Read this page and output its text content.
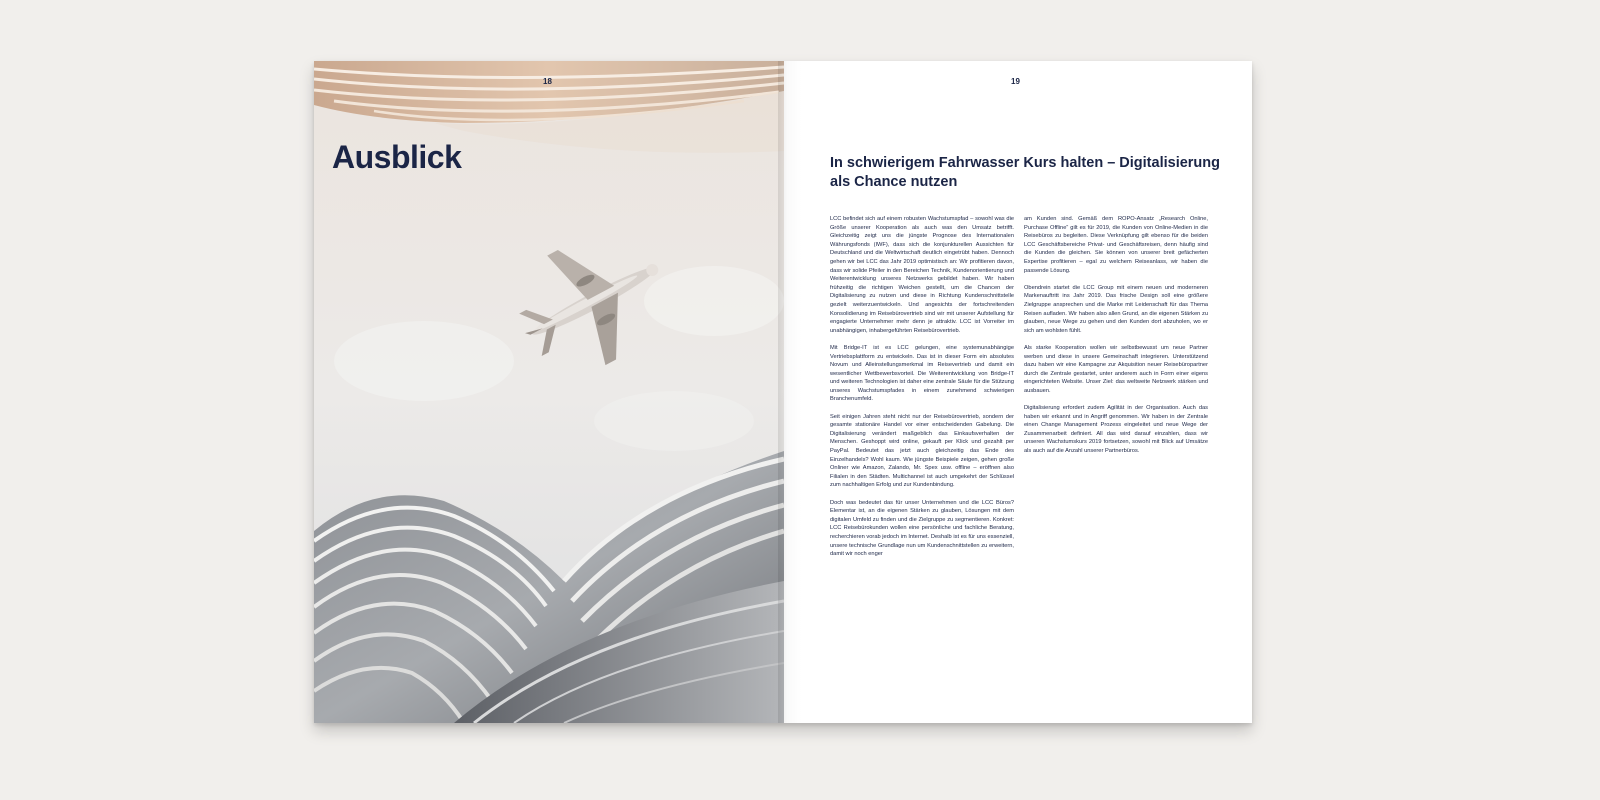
18
Ausblick
19
In schwierigem Fahrwasser Kurs halten – Digitalisierung als Chance nutzen

LCC befindet sich auf einem robusten Wachstumspfad – sowohl was die Größe unserer Kooperation als auch was den Umsatz betrifft. Gleichzeitig zeigt uns die jüngste Prognose des Internationalen Währungsfonds (IWF), dass sich die konjunkturellen Aussichten für Deutschland und die Weltwirtschaft deutlich eingetrübt haben. Dennoch gehen wir bei LCC das Jahr 2019 optimistisch an: Wir profitieren davon, dass wir solide Pfeiler in den Bereichen Technik, Kundenorientierung und Weiterentwicklung unseres Netzwerks gebildet haben. Wir haben frühzeitig die richtigen Weichen gestellt, um die Chancen der Digitalisierung zu nutzen und diese in Richtung Kundenschnittstelle gezielt weiterzuentwickeln. Und angesichts der fortschreitenden Konsolidierung im Reisebürovertrieb sind wir mit unserer Aufstellung für engagierte Unternehmer mehr denn je attraktiv. LCC ist Vorreiter im unabhängigen, inhabergeführten Reisebürovertrieb.

Mit Bridge-IT ist es LCC gelungen, eine systemunabhängige Vertriebsplattform zu entwickeln. Das ist in dieser Form ein absolutes Novum und Alleinstellungsmerkmal im Reisevertrieb und damit ein wesentlicher Wettbewerbsvorteil. Die Weiterentwicklung von Bridge-IT und weiteren Technologien ist daher eine zentrale Säule für die Stützung unseres Wachstumspfades in einem zunehmend schwierigen Branchenumfeld.

Seit einigen Jahren steht nicht nur der Reisebürovertrieb, sondern der gesamte stationäre Handel vor einer entscheidenden Gabelung. Die Digitalisierung verändert maßgeblich das Einkaufsverhalten der Menschen. Geshoppt wird online, gekauft per Klick und gezahlt per PayPal. Bedeutet das jetzt auch gleichzeitig das Ende des Einzelhandels? Wohl kaum. Wie jüngste Beispiele zeigen, gehen große Onliner wie Amazon, Zalando, Mr. Spex usw. offline – eröffnen also Filialen in den Städten. Multichannel ist auch umgekehrt der Schlüssel zum nachhaltigen Erfolg und zur Kundenbindung.

Doch was bedeutet das für unser Unternehmen und die LCC Büros? Elementar ist, an die eigenen Stärken zu glauben, Lösungen mit dem digitalen Umfeld zu finden und die Zielgruppe zu segmentieren. Konkret: LCC Reisebürokunden wollen eine persönliche und fachliche Beratung, recherchieren vorab jedoch im Internet. Deshalb ist es für uns essenziell, unsere technische Grundlage nun um Kundenschnittstellen zu erweitern, damit wir noch enger

am Kunden sind. Gemäß dem ROPO-Ansatz „Research Online, Purchase Offline“ gilt es für 2019, die Kunden von Online-Medien in die Reisebüros zu begleiten. Diese Verknüpfung gilt ebenso für die beiden LCC Geschäftsbereiche Privat- und Geschäftsreisen, denn häufig sind die Kunden die gleichen. Sie können von unserer breit gefächerten Expertise profitieren – egal zu welchem Reiseanlass, wir haben die passende Lösung.

Obendrein startet die LCC Group mit einem neuen und moderneren Markenauftritt ins Jahr 2019. Das frische Design soll eine größere Zielgruppe ansprechen und die Marke mit Leidenschaft für das Thema Reisen aufladen. Wir haben also allen Grund, an die eigenen Stärken zu glauben, neue Wege zu gehen und den Kunden dort abzuholen, wo er sich am wohlsten fühlt.

Als starke Kooperation wollen wir selbstbewusst um neue Partner werben und diese in unsere Gemeinschaft integrieren. Unterstützend dazu haben wir eine Kampagne zur Akquisition neuer Reisebüropartner durch die Zentrale gestartet, unter anderem auch in Form einer eigens eingerichteten Website. Unser Ziel: das weltweite Netzwerk stärken und ausbauen.

Digitalisierung erfordert zudem Agilität in der Organisation. Auch das haben wir erkannt und in Angriff genommen. Wir haben in der Zentrale einen Change Management Prozess eingeleitet und neue Wege der Zusammenarbeit definiert. All das wird darauf einzahlen, dass wir unseren Wachstumskurs 2019 fortsetzen, sowohl mit Blick auf Umsätze als auch auf die Anzahl unserer Partnerbüros.
